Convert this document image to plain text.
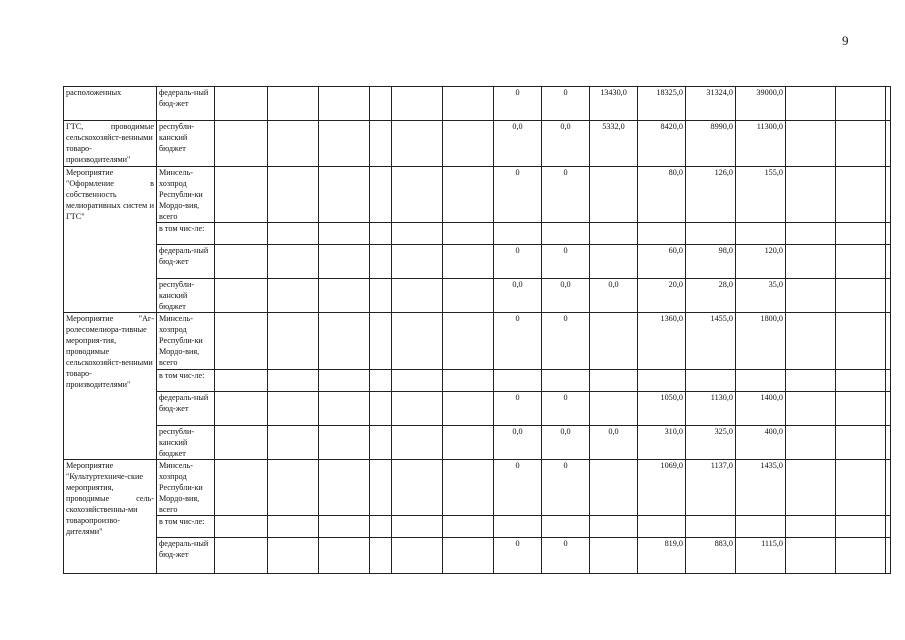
9
расположенных	федераль-ный бюд-жет							0	0	13430,0	18325,0	31324,0	39000,0			
ГТС, проводимые сельскохозяйст-венными товаро-производителями"	республи-канский бюджет							0,0	0,0	5332,0	8420,0	8990,0	11300,0			
Мероприятие "Оформление в собственность мелиоративных систем и ГТС"	Минсель-хозпрод Республи-ки Мордо-вия, всего							0	0		80,0	126,0	155,0			
	в том чис-ле:															
	федераль-ный бюд-жет							0	0		60,0	98,0	120,0			
	республи-канский бюджет							0,0	0,0	0,0	20,0	28,0	35,0			
Мероприятие "Аг-ролесомелиора-тивные мероприя-тия, проводимые сельскохозяйст-венными товаро-производителями"	Минсель-хозпрод Республи-ки Мордо-вия, всего							0	0		1360,0	1455,0	1800,0			
	в том чис-ле:															
	федераль-ный бюд-жет							0	0		1050,0	1130,0	1400,0			
	республи-канский бюджет							0,0	0,0	0,0	310,0	325,0	400,0			
Мероприятие "Культуртехниче-ские мероприятия, проводимые сель-скохозяйственны-ми товаропроизво-дителями"	Минсель-хозпрод Республи-ки Мордо-вия, всего							0	0		1069,0	1137,0	1435,0			
	в том чис-ле:															
	федераль-ный бюд-жет							0	0		819,0	883,0	1115,0			
